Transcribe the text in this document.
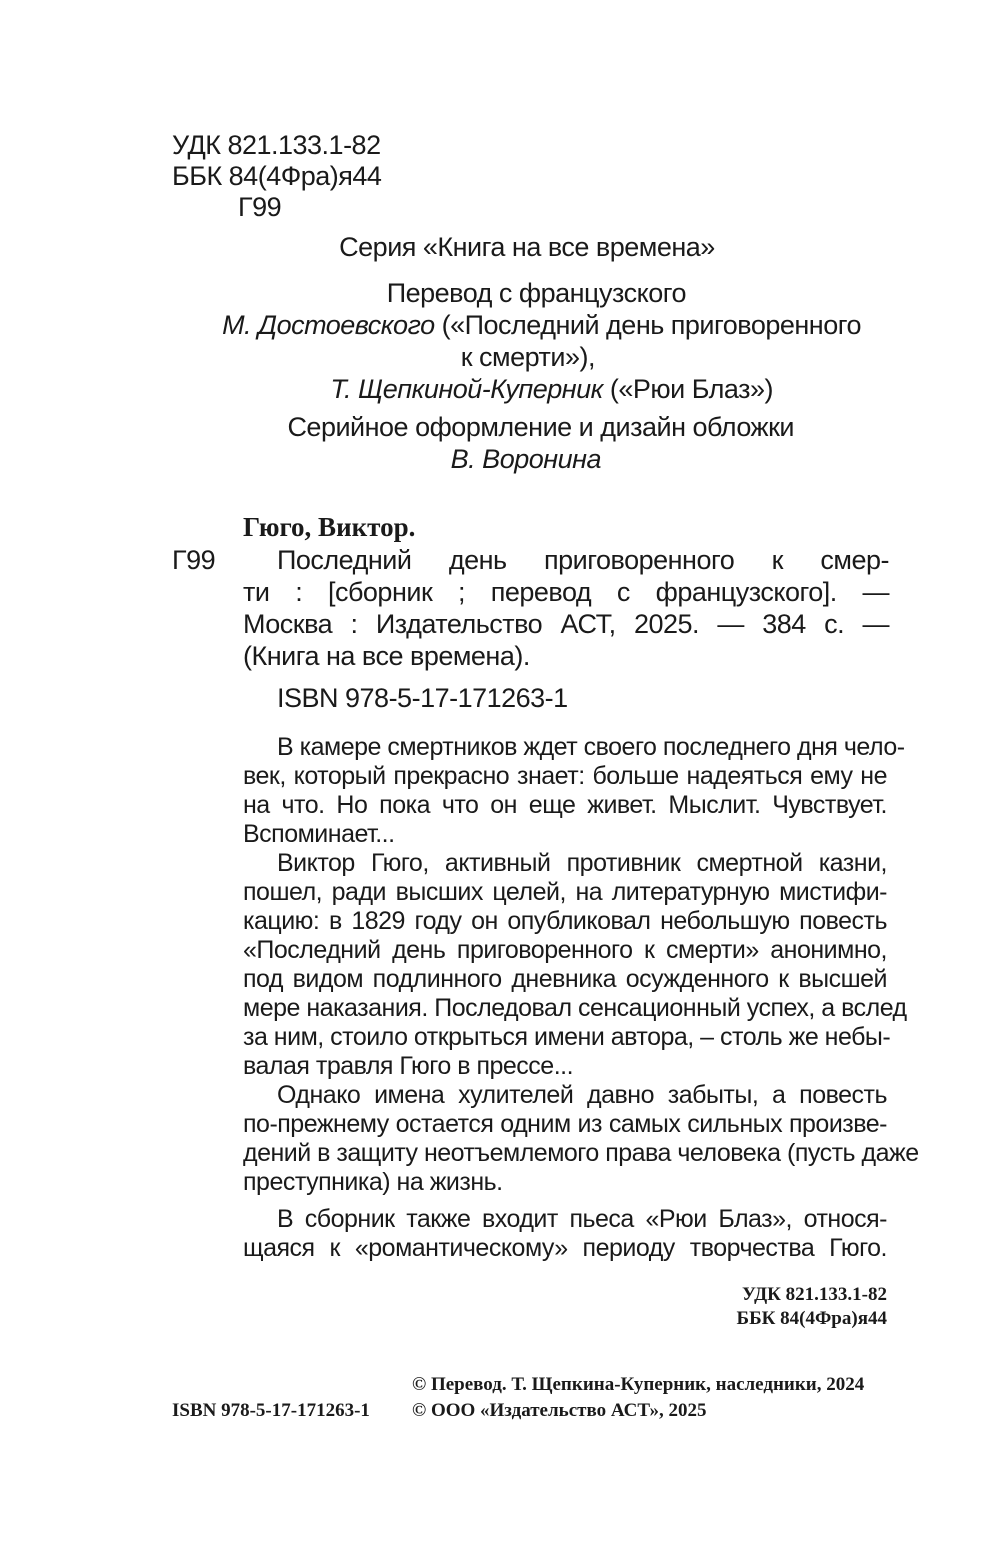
УДК 821.133.1-82
ББК 84(4Фра)я44
Г99
Серия «Книга на все времена»
Перевод с французского
М. Достоевского («Последний день приговоренного
к смерти»),
Т. Щепкиной-Куперник («Рюи Блаз»)
Серийное оформление и дизайн обложки
В. Воронина
Гюго, Виктор.
Г99 Последний день приговоренного к смер-
ти : [сборник ; перевод с французского]. —
Москва : Издательство АСТ, 2025. — 384 с. —
(Книга на все времена).
ISBN 978-5-17-171263-1
В камере смертников ждет своего последнего дня чело-
век, который прекрасно знает: больше надеяться ему не
на что. Но пока что он еще живет. Мыслит. Чувствует.
Вспоминает...
Виктор Гюго, активный противник смертной казни,
пошел, ради высших целей, на литературную мистифи-
кацию: в 1829 году он опубликовал небольшую повесть
«Последний день приговоренного к смерти» анонимно,
под видом подлинного дневника осужденного к высшей
мере наказания. Последовал сенсационный успех, а вслед
за ним, стоило открыться имени автора, – столь же небы-
валая травля Гюго в прессе...
Однако имена хулителей давно забыты, а повесть
по-прежнему остается одним из самых сильных произве-
дений в защиту неотъемлемого права человека (пусть даже
преступника) на жизнь.
В сборник также входит пьеса «Рюи Блаз», относя-
щаяся к «романтическому» периоду творчества Гюго.
УДК 821.133.1-82
ББК 84(4Фра)я44
© Перевод. Т. Щепкина-Куперник, наследники, 2024
ISBN 978-5-17-171263-1 © ООО «Издательство АСТ», 2025
